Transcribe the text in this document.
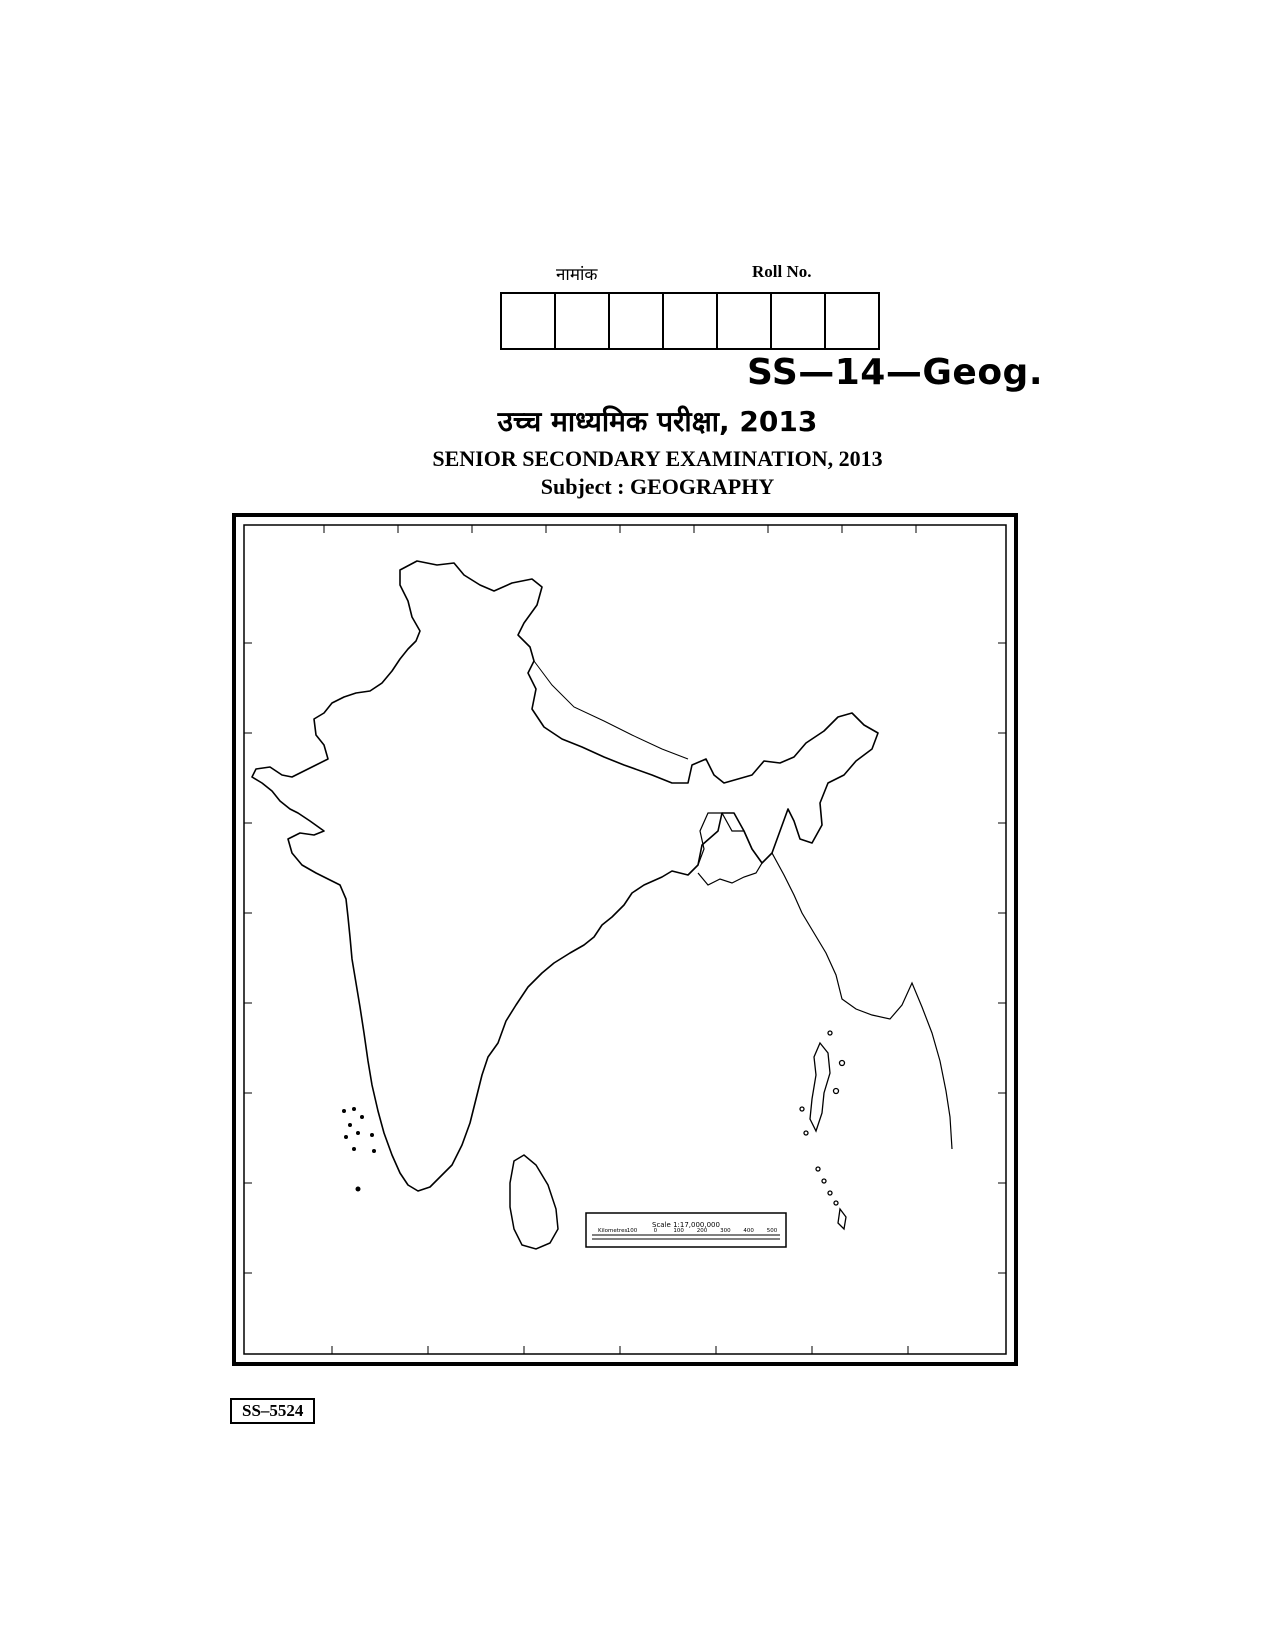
नामांक	Roll No.
SS—14—Geog.
उच्च माध्यमिक परीक्षा, 2013
SENIOR SECONDARY EXAMINATION, 2013
Subject : GEOGRAPHY
Scale 1:17,000,000
Kilometres 100	0	100 200 300 400 500
SS–5524
